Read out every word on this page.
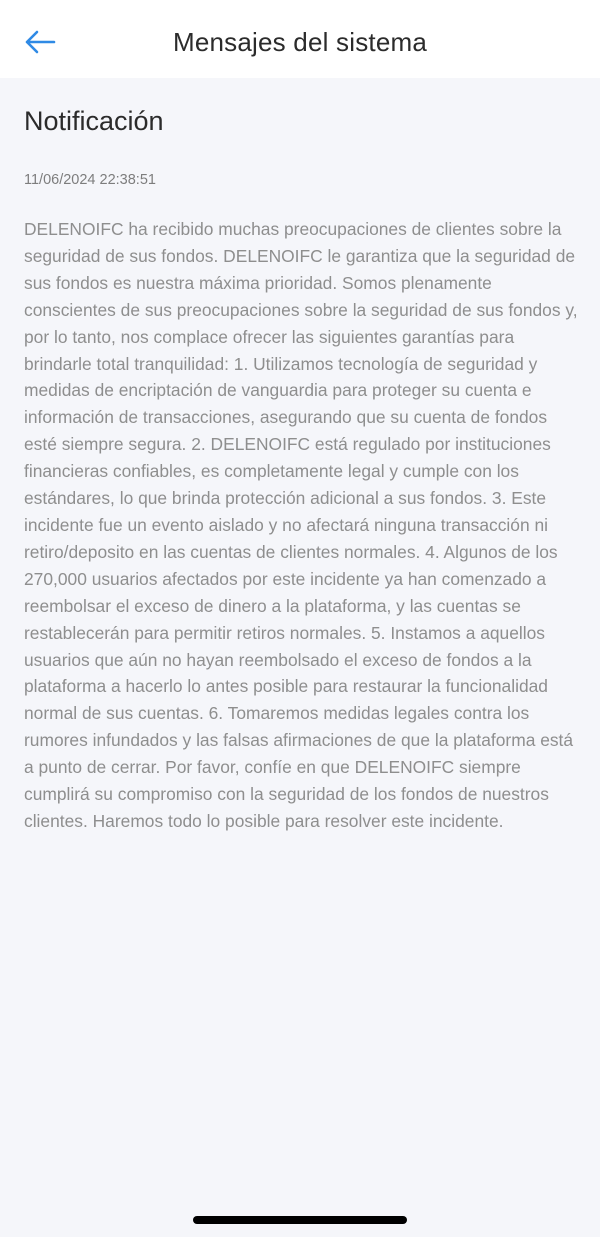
Mensajes del sistema
Notificación
11/06/2024 22:38:51

DELENOIFC ha recibido muchas preocupaciones de clientes sobre la seguridad de sus fondos. DELENOIFC le garantiza que la seguridad de sus fondos es nuestra máxima prioridad. Somos plenamente conscientes de sus preocupaciones sobre la seguridad de sus fondos y, por lo tanto, nos complace ofrecer las siguientes garantías para brindarle total tranquilidad: 1. Utilizamos tecnología de seguridad y medidas de encriptación de vanguardia para proteger su cuenta e información de transacciones, asegurando que su cuenta de fondos esté siempre segura. 2. DELENOIFC está regulado por instituciones financieras confiables, es completamente legal y cumple con los estándares, lo que brinda protección adicional a sus fondos. 3. Este incidente fue un evento aislado y no afectará ninguna transacción ni retiro/deposito en las cuentas de clientes normales. 4. Algunos de los 270,000 usuarios afectados por este incidente ya han comenzado a reembolsar el exceso de dinero a la plataforma, y las cuentas se restablecerán para permitir retiros normales. 5. Instamos a aquellos usuarios que aún no hayan reembolsado el exceso de fondos a la plataforma a hacerlo lo antes posible para restaurar la funcionalidad normal de sus cuentas. 6. Tomaremos medidas legales contra los rumores infundados y las falsas afirmaciones de que la plataforma está a punto de cerrar. Por favor, confíe en que DELENOIFC siempre cumplirá su compromiso con la seguridad de los fondos de nuestros clientes. Haremos todo lo posible para resolver este incidente.
